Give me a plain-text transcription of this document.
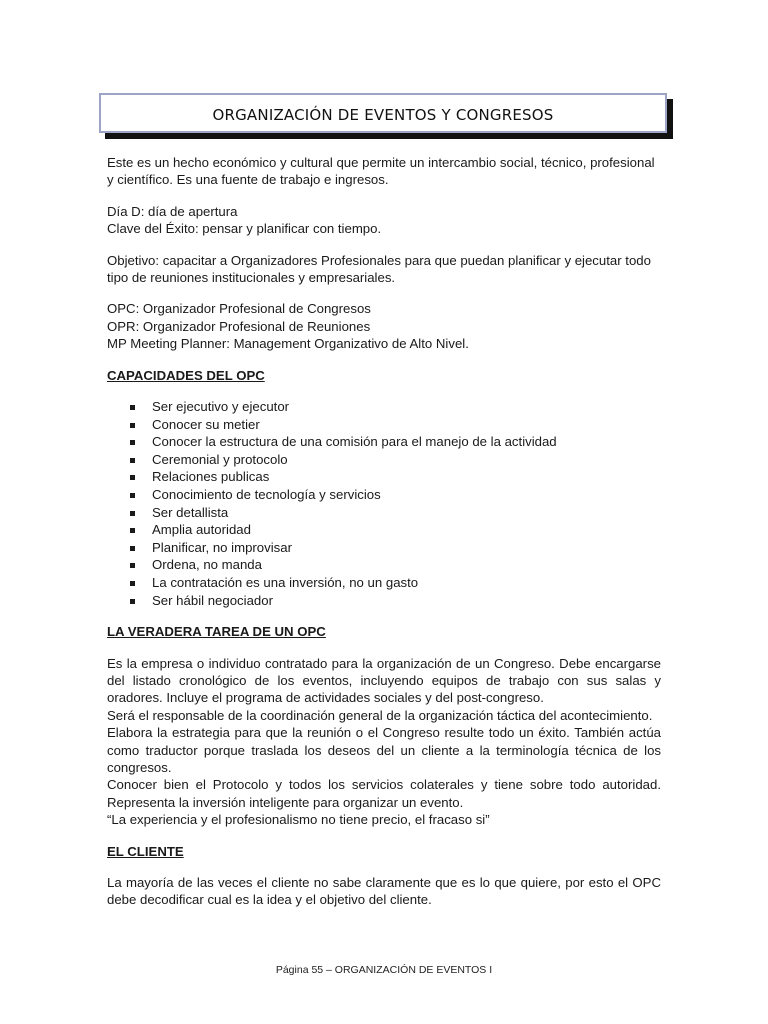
ORGANIZACIÓN DE EVENTOS Y CONGRESOS

Este es un hecho económico y cultural que permite un intercambio social, técnico, profesional y científico. Es una fuente de trabajo e ingresos.

Día D: día de apertura

Clave del Éxito: pensar y planificar con tiempo.

Objetivo: capacitar a Organizadores Profesionales para que puedan planificar y ejecutar todo tipo de reuniones institucionales y empresariales.

OPC: Organizador Profesional de Congresos

OPR: Organizador Profesional de Reuniones

MP Meeting Planner: Management Organizativo de Alto Nivel.

CAPACIDADES DEL OPC

Ser ejecutivo y ejecutor
Conocer su metier
Conocer la estructura de una comisión para el manejo de la actividad
Ceremonial y protocolo
Relaciones publicas
Conocimiento de tecnología y servicios
Ser detallista
Amplia autoridad
Planificar, no improvisar
Ordena, no manda
La contratación es una inversión, no un gasto
Ser hábil negociador

LA VERADERA TAREA DE UN OPC

Es la empresa o individuo contratado para la organización de un Congreso. Debe encargarse del listado cronológico de los eventos, incluyendo equipos de trabajo con sus salas y oradores. Incluye el programa de actividades sociales y del post-congreso.

Será el responsable de la coordinación general de la organización táctica del acontecimiento.

Elabora la estrategia para que la reunión o el Congreso resulte todo un éxito. También actúa como traductor porque traslada los deseos del un cliente a la terminología técnica de los congresos.

Conocer bien el Protocolo y todos los servicios colaterales y tiene sobre todo autoridad. Representa la inversión inteligente para organizar un evento.

“La experiencia y el profesionalismo no tiene precio, el fracaso si”

EL CLIENTE

La mayoría de las veces el cliente no sabe claramente que es lo que quiere, por esto el OPC debe decodificar cual es la idea y el objetivo del cliente.

Página 55 – ORGANIZACIÓN DE EVENTOS I
